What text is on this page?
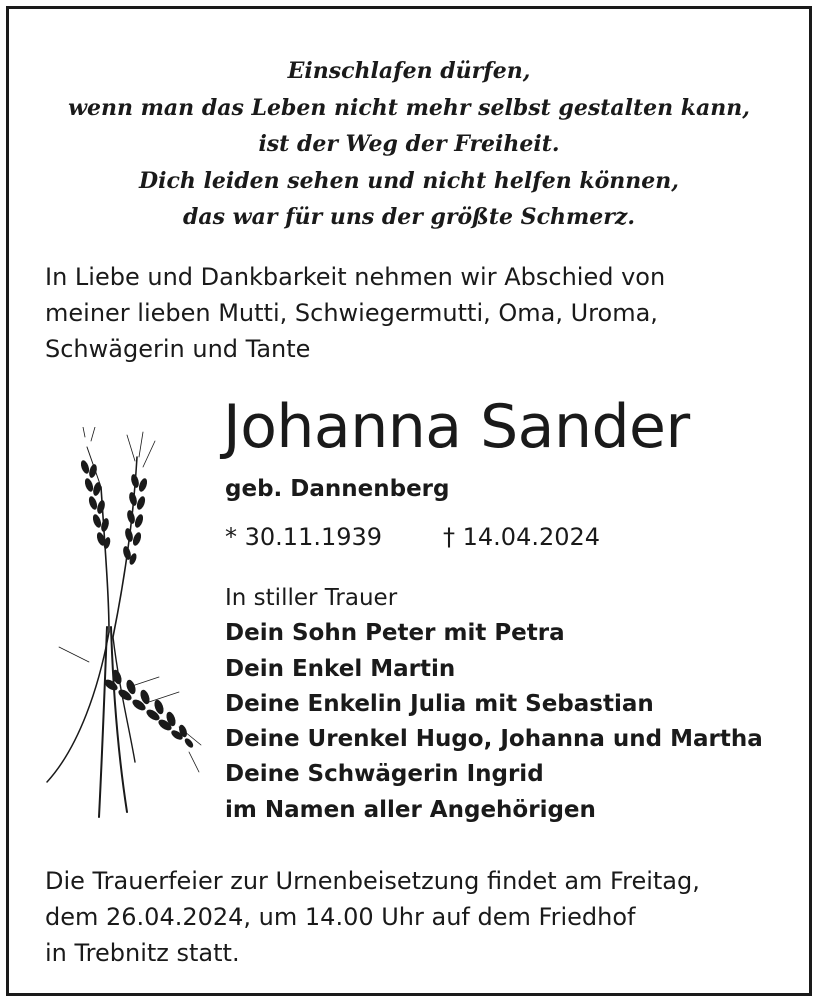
Einschlafen dürfen,
wenn man das Leben nicht mehr selbst gestalten kann,
ist der Weg der Freiheit.
Dich leiden sehen und nicht helfen können,
das war für uns der größte Schmerz.
In Liebe und Dankbarkeit nehmen wir Abschied von
meiner lieben Mutti, Schwiegermutti, Oma, Uroma,
Schwägerin und Tante
Johanna Sander
geb. Dannenberg
* 30.11.1939	† 14.04.2024
In stiller Trauer
Dein Sohn Peter mit Petra
Dein Enkel Martin
Deine Enkelin Julia mit Sebastian
Deine Urenkel Hugo, Johanna und Martha
Deine Schwägerin Ingrid
im Namen aller Angehörigen
Die Trauerfeier zur Urnenbeisetzung findet am Freitag,
dem 26.04.2024, um 14.00 Uhr auf dem Friedhof
in Trebnitz statt.
